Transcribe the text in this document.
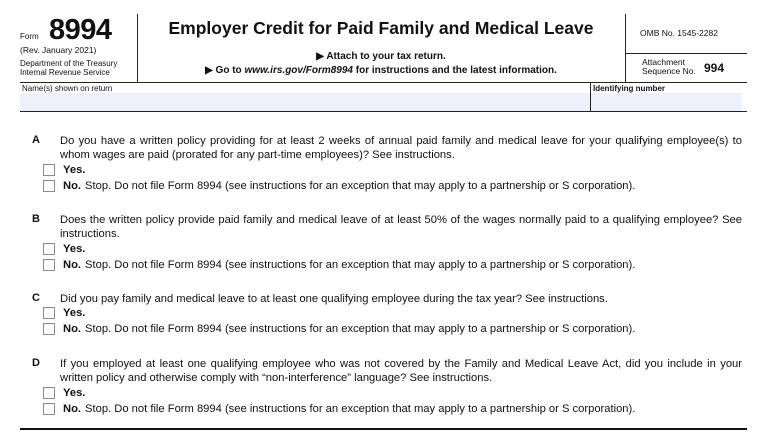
Form 8994
(Rev. January 2021)
Department of the Treasury
Internal Revenue Service
Employer Credit for Paid Family and Medical Leave
▶ Attach to your tax return.
▶ Go to www.irs.gov/Form8994 for instructions and the latest information.
OMB No. 1545-2282
Attachment
Sequence No. 994
Name(s) shown on return	Identifying number
A Do you have a written policy providing for at least 2 weeks of annual paid family and medical leave for your qualifying employee(s) to whom wages are paid (prorated for any part-time employees)? See instructions.
Yes.
No. Stop. Do not file Form 8994 (see instructions for an exception that may apply to a partnership or S corporation).
B Does the written policy provide paid family and medical leave of at least 50% of the wages normally paid to a qualifying employee? See instructions.
Yes.
No. Stop. Do not file Form 8994 (see instructions for an exception that may apply to a partnership or S corporation).
C Did you pay family and medical leave to at least one qualifying employee during the tax year? See instructions.
Yes.
No. Stop. Do not file Form 8994 (see instructions for an exception that may apply to a partnership or S corporation).
D If you employed at least one qualifying employee who was not covered by the Family and Medical Leave Act, did you include in your written policy and otherwise comply with “non-interference” language? See instructions.
Yes.
No. Stop. Do not file Form 8994 (see instructions for an exception that may apply to a partnership or S corporation).
